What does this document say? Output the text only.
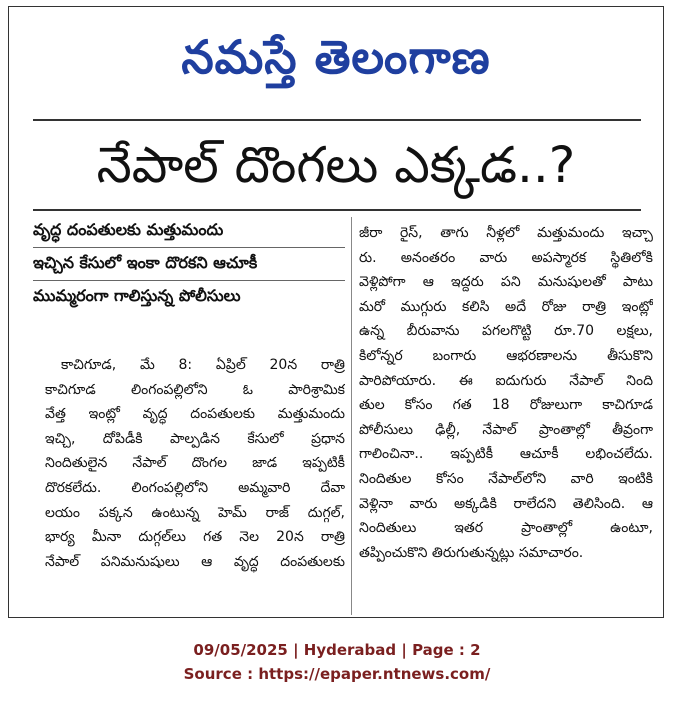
నమస్తే తెలంగాణ
నేపాల్ దొంగలు ఎక్కడ..?
వృద్ధ దంపతులకు మత్తుమందు
ఇచ్చిన కేసులో ఇంకా దొరకని ఆచూకీ
ముమ్మరంగా గాలిస్తున్న పోలీసులు
కాచిగూడ, మే 8: ఏప్రిల్ 20న రాత్రి
కాచిగూడ లింగంపల్లిలోని ఓ పారిశ్రామిక
వేత్త ఇంట్లో వృద్ధ దంపతులకు మత్తుమందు
ఇచ్చి, దోపిడీకి పాల్పడిన కేసులో ప్రధాన
నిందితులైన నేపాల్ దొంగల జాడ ఇప్పటికీ
దొరకలేదు. లింగంపల్లిలోని అమ్మవారి దేవా
లయం పక్కన ఉంటున్న హెమ్ రాజ్ దుగ్గల్,
భార్య మీనా దుగ్గల్‌లు గత నెల 20న రాత్రి
నేపాల్ పనిమనుషులు ఆ వృద్ధ దంపతులకు
జీరా రైస్, తాగు నీళ్లలో మత్తుమందు ఇచ్చా
రు. అనంతరం వారు అపస్మారక స్థితిలోకి
వెళ్లిపోగా ఆ ఇద్దరు పని మనుషులతో పాటు
మరో ముగ్గురు కలిసి అదే రోజు రాత్రి ఇంట్లో
ఉన్న బీరువాను పగలగొట్టి రూ.70 లక్షలు,
కిలోన్నర బంగారు ఆభరణాలను తీసుకొని
పారిపోయారు. ఈ ఐదుగురు నేపాల్ నింది
తుల కోసం గత 18 రోజులుగా కాచిగూడ
పోలీసులు ఢిల్లీ, నేపాల్ ప్రాంతాల్లో తీవ్రంగా
గాలించినా.. ఇప్పటికీ ఆచూకీ లభించలేదు.
నిందితుల కోసం నేపాల్‌లోని వారి ఇంటికి
వెళ్లినా వారు అక్కడికి రాలేదని తెలిసింది. ఆ
నిందితులు ఇతర ప్రాంతాల్లో ఉంటూ,
తప్పించుకొని తిరుగుతున్నట్లు సమాచారం.
09/05/2025 | Hyderabad | Page : 2
Source : https://epaper.ntnews.com/
